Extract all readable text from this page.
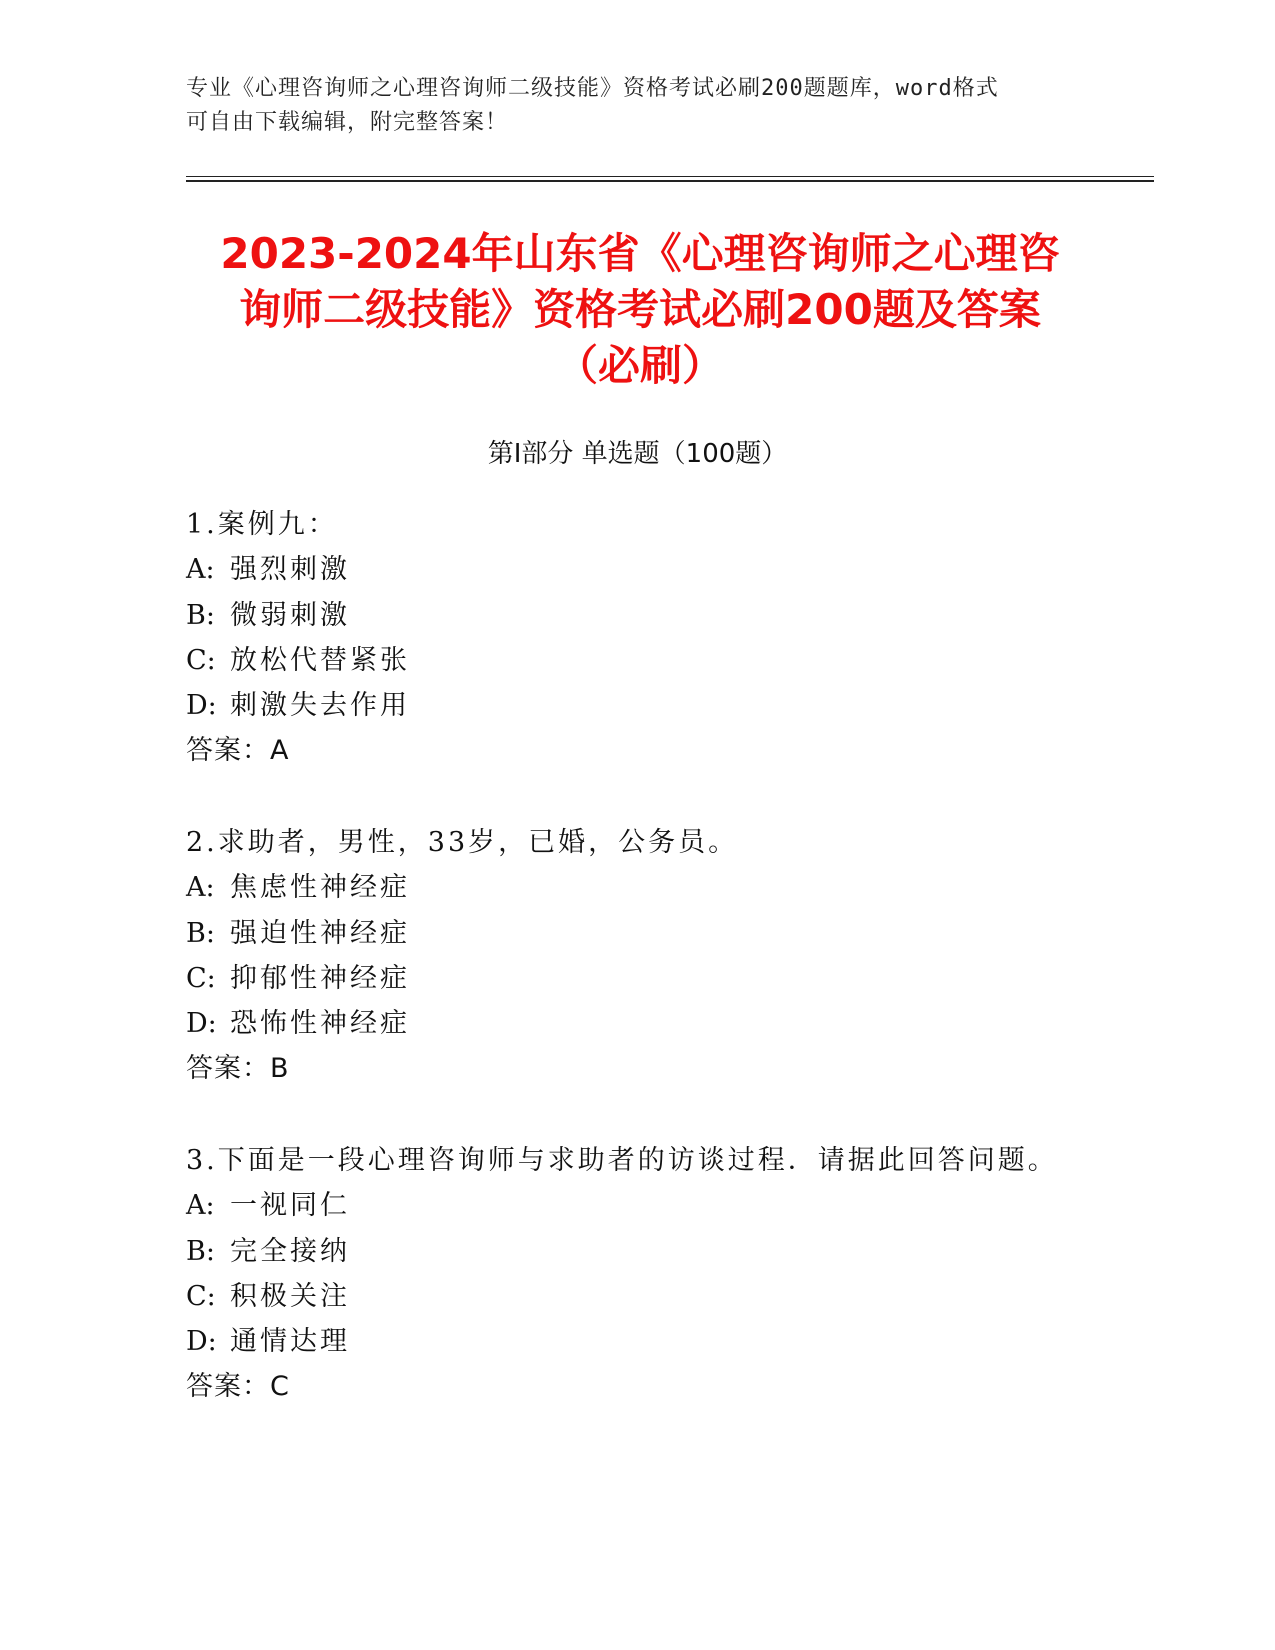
专业《心理咨询师之心理咨询师二级技能》资格考试必刷200题题库，word格式
可自由下载编辑，附完整答案！
2023-2024年山东省《心理咨询师之心理咨
询师二级技能》资格考试必刷200题及答案
（必刷）
第Ⅰ部分 单选题（100题）
1.案例九：
A: 强烈刺激
B: 微弱刺激
C: 放松代替紧张
D: 刺激失去作用
答案：A
2.求助者，男性，33岁，已婚，公务员。
A: 焦虑性神经症
B: 强迫性神经症
C: 抑郁性神经症
D: 恐怖性神经症
答案：B
3.下面是一段心理咨询师与求助者的访谈过程．请据此回答问题。
A: 一视同仁
B: 完全接纳
C: 积极关注
D: 通情达理
答案：C
